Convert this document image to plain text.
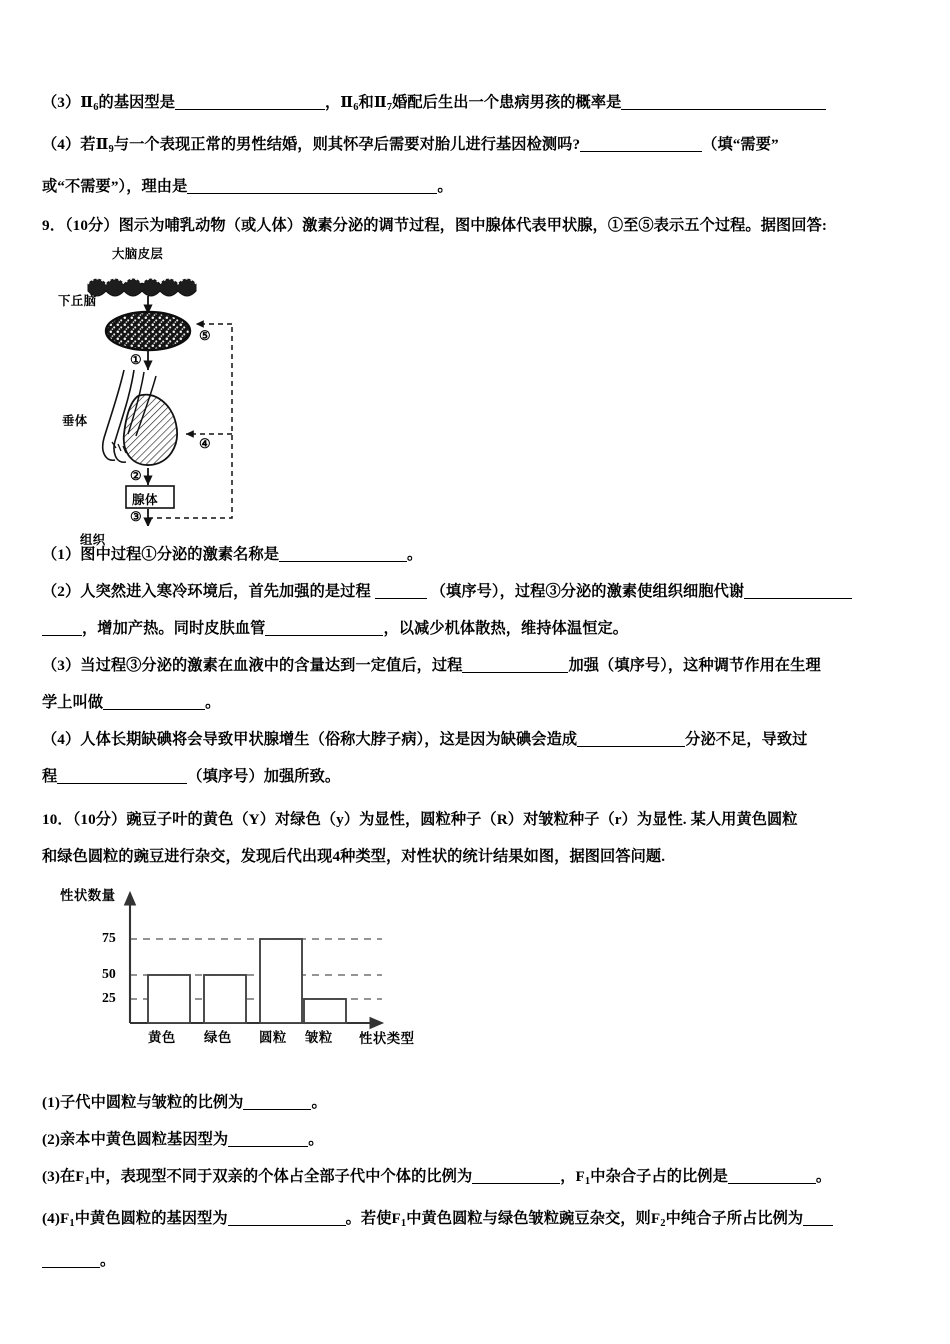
$(3)Ⅱ_6$的基因型是	，$Ⅱ_6$和$Ⅱ_7$婚配后生出一个患病男孩的概率是
（4）若$Ⅱ_9$与一个表现正常的男性结婚，则其怀孕后需要对胎儿进行基因检测吗?	（填“需要”
或“不需要”），理由是	。
9．（10分）图示为哺乳动物（或人体）激素分泌的调节过程，图中腺体代表甲状腺，①至⑤表示五个过程。据图回答:
下丘脑
大脑皮层
垂体
腺体
组织
①
②
③
④
⑤
（1）图中过程①分泌的激素名称是	。
（2）人突然进入寒冷环境后，首先加强的是过程	（填序号），过程③分泌的激素使组织细胞代谢
，增加产热。同时皮肤血管	，以减少机体散热，维持体温恒定。
（3）当过程③分泌的激素在血液中的含量达到一定值后，过程	加强（填序号），这种调节作用在生理
学上叫做	。
（4）人体长期缺碘将会导致甲状腺增生（俗称大脖子病），这是因为缺碘会造成	分泌不足，导致过
程	（填序号）加强所致。
10．（10分）豌豆子叶的黄色（Y）对绿色（y）为显性，圆粒种子（R）对皱粒种子（r）为显性. 某人用黄色圆粒
和绿色圆粒的豌豆进行杂交，发现后代出现4种类型，对性状的统计结果如图，据图回答问题.
75
50
25
性状数量
性状类型
黄色 绿色 圆粒 皱粒
(1)子代中圆粒与皱粒的比例为	。
(2)亲本中黄色圆粒基因型为	。
(3)在$F_1$中，表现型不同于双亲的个体占全部子代中个体的比例为	，$F_1$中杂合子占的比例是	。
$(4)F_1$中黄色圆粒的基因型为	。若使$F_1$中黄色圆粒与绿色皱粒豌豆杂交，则$F_2$中纯合子所占比例为
。
